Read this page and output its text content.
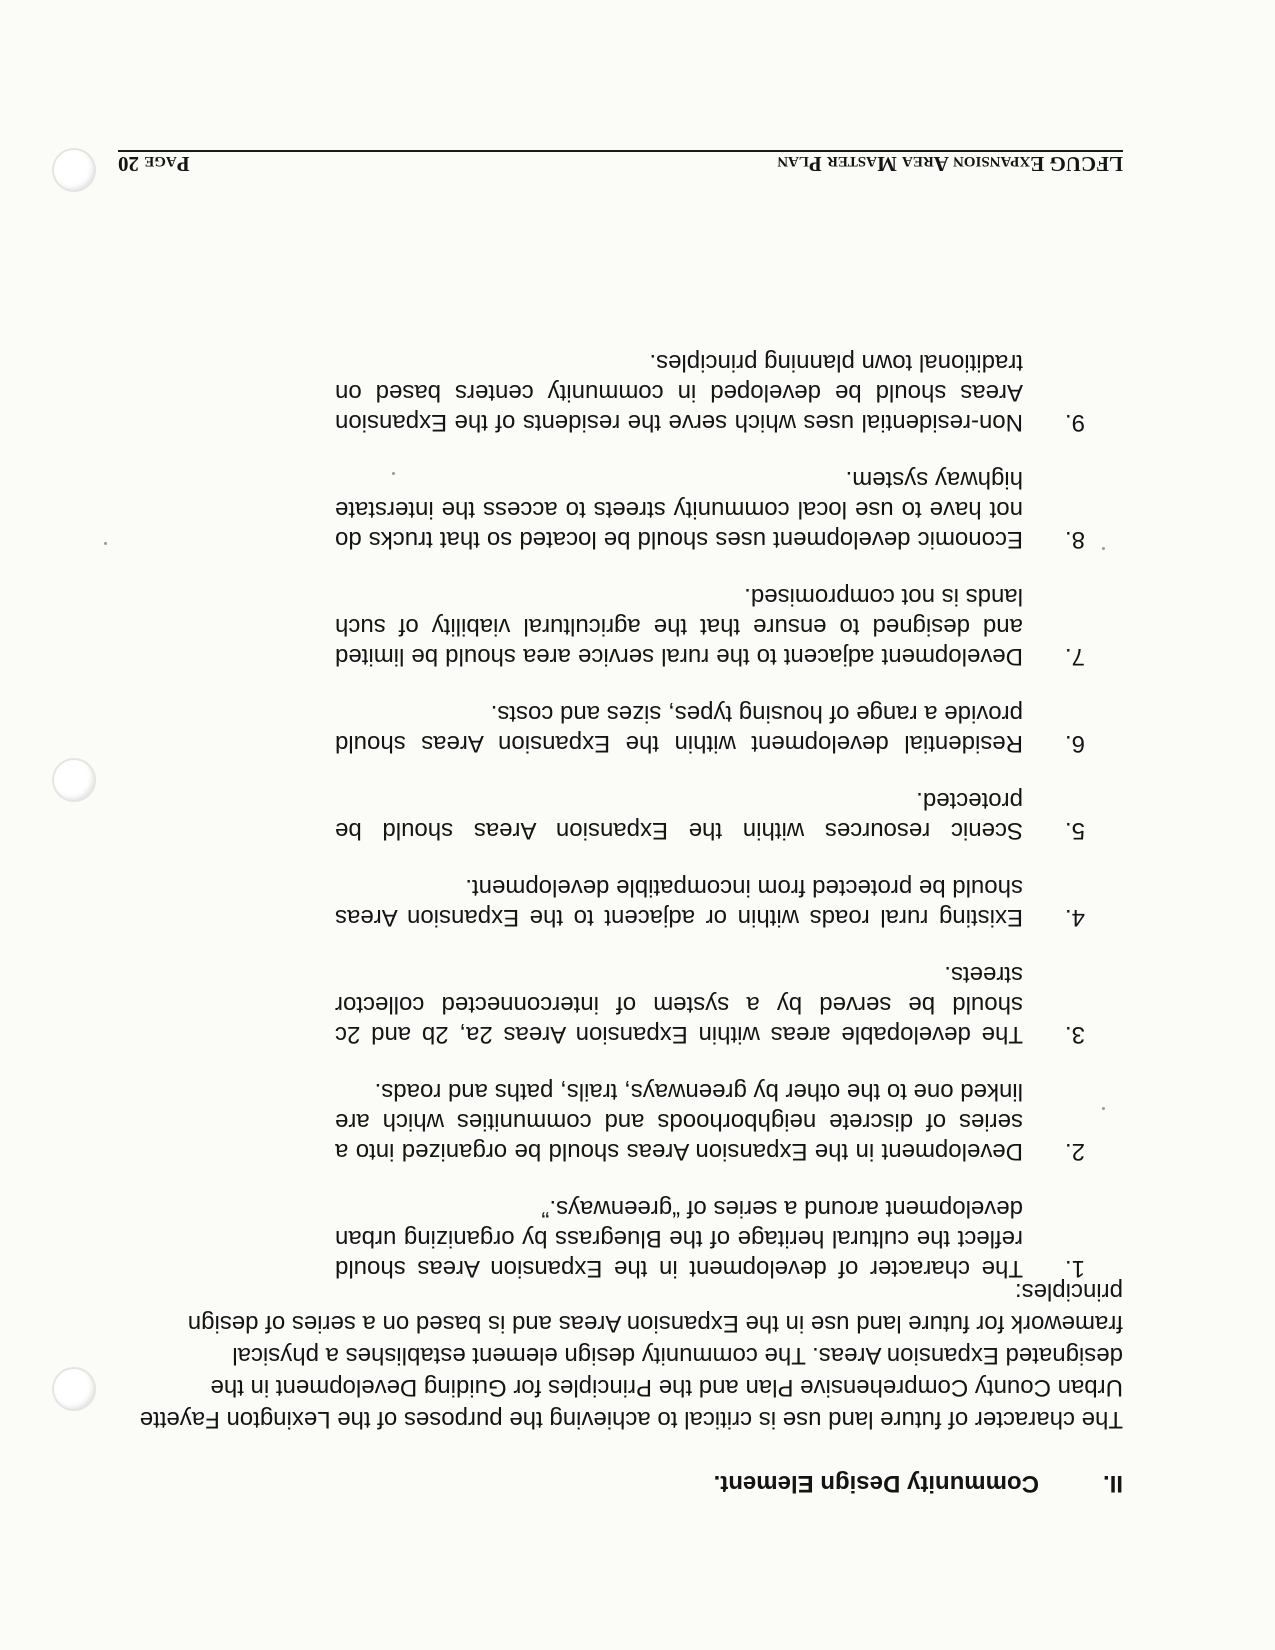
LFCUG Expansion Area Master Plan
Page 20
II.Community Design Element.
The character of future land use is critical to achieving the purposes of the Lexington Fayette Urban County Comprehensive Plan and the Principles for Guiding Development in the designated Expansion Areas. The community design element establishes a physical framework for future land use in the Expansion Areas and is based on a series of design principles:
1.
The character of development in the Expansion Areas should reflect the cultural heritage of the Bluegrass by organizing urban development around a series of “greenways.”
2.
Development in the Expansion Areas should be organized into a series of discrete neighborhoods and communities which are linked one to the other by greenways, trails, paths and roads.
3.
The developable areas within Expansion Areas 2a, 2b and 2c should be served by a system of interconnected collector streets.
4.
Existing rural roads within or adjacent to the Expansion Areas should be protected from incompatible development.
5.
Scenic resources within the Expansion Areas should be protected.
6.
Residential development within the Expansion Areas should provide a range of housing types, sizes and costs.
7.
Development adjacent to the rural service area should be limited and designed to ensure that the agricultural viability of such lands is not compromised.
8.
Economic development uses should be located so that trucks do not have to use local community streets to access the interstate highway system.
9.
Non-residential uses which serve the residents of the Expansion Areas should be developed in community centers based on traditional town planning principles.
